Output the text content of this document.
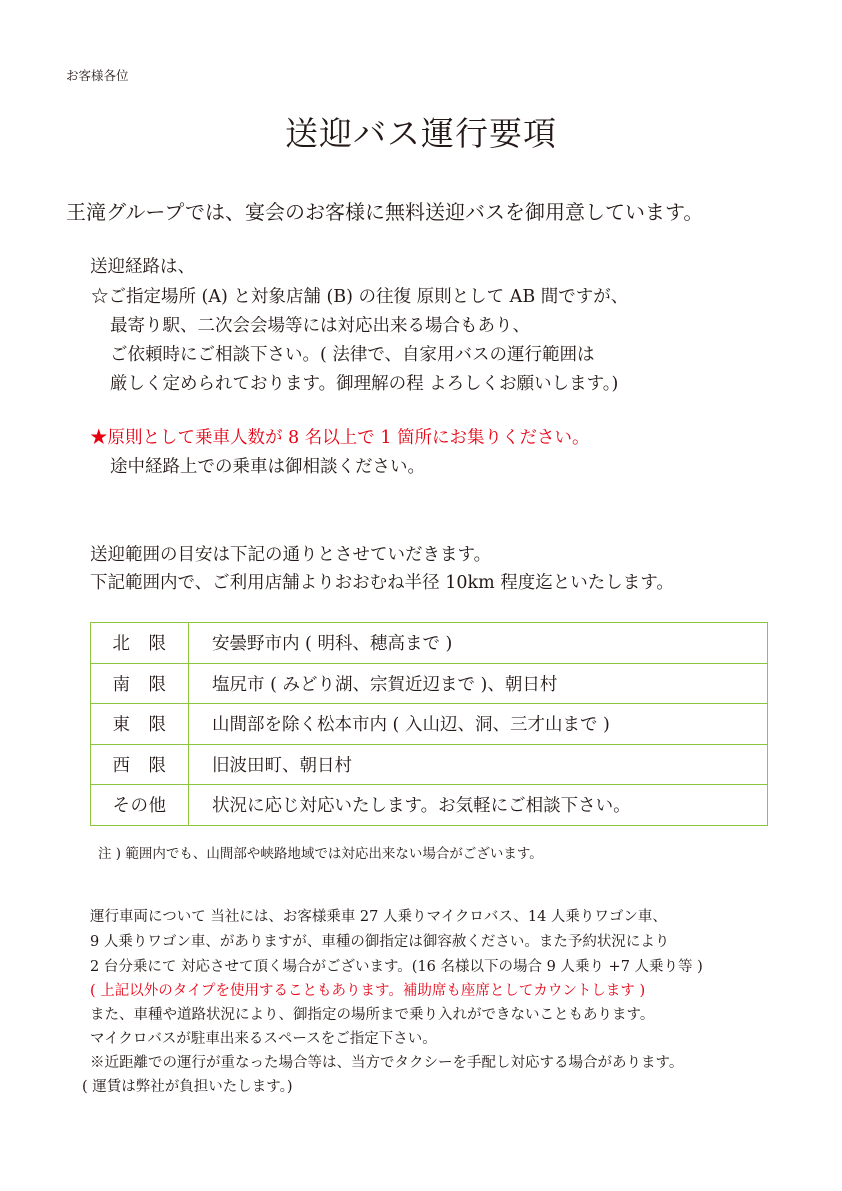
お客様各位
送迎バス運行要項
王滝グループでは、宴会のお客様に無料送迎バスを御用意しています。
送迎経路は、
☆ご指定場所 (A) と対象店舗 (B) の往復 原則として AB 間ですが、
最寄り駅、二次会会場等には対応出来る場合もあり、
ご依頼時にご相談下さい。( 法律で、自家用バスの運行範囲は
厳しく定められております。御理解の程 よろしくお願いします。)
★原則として乗車人数が 8 名以上で 1 箇所にお集りください。
途中経路上での乗車は御相談ください。
送迎範囲の目安は下記の通りとさせていだきます。
下記範囲内で、ご利用店舗よりおおむね半径 10km 程度迄といたします。
北　限	安曇野市内 ( 明科、穂高まで )
南　限	塩尻市 ( みどり湖、宗賀近辺まで )、朝日村
東　限	山間部を除く松本市内 ( 入山辺、洞、三才山まで )
西　限	旧波田町、朝日村
その他	状況に応じ対応いたします。お気軽にご相談下さい。
注 ) 範囲内でも、山間部や峡路地域では対応出来ない場合がございます。
運行車両について 当社には、お客様乗車 27 人乗りマイクロバス、14 人乗りワゴン車、
9 人乗りワゴン車、がありますが、車種の御指定は御容赦ください。また予約状況により
2 台分乗にて 対応させて頂く場合がございます。(16 名様以下の場合 9 人乗り +7 人乗り等 )
( 上記以外のタイプを使用することもあります。補助席も座席としてカウントします )
また、車種や道路状況により、御指定の場所まで乗り入れができないこともあります。
マイクロバスが駐車出来るスペースをご指定下さい。
※近距離での運行が重なった場合等は、当方でタクシーを手配し対応する場合があります。
( 運賃は弊社が負担いたします。)
